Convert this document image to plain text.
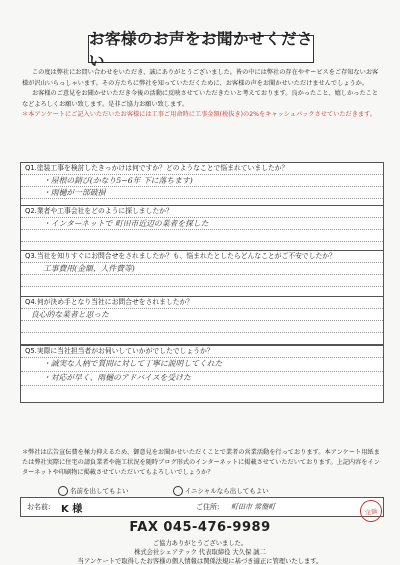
お客様のお声をお聞かせください

この度は弊社にお問い合わせをいただき、誠にありがとうございました。皆の中には弊社の存在やサービスをご存知ないお客様が沢山いらっしゃいます。その方たちに弊社を知っていただくために、お客様の声をお聞かせいただけませんでしょうか。

お客様のご意見をお聞かせいただき今後の活動に反映させていただきたいと考えております。良かったこと、嬉しかったことなどよろしくお願い致します。是非ご協力お願い致します。

＊本アンケートにご記入いただいたお客様には工事ご用命時に工事金額(税抜き)の2%をキャッシュバックさせていただきます。

Q1.塗装工事を検討したきっかけは何ですか？どのようなことで悩まれていましたか？
・屋根の錆び(かなり5~6年 下に落ちます)
・雨樋が一部破損
Q2.業者や工事会社をどのように探しましたか？
・インターネットで 町田市近辺の業者を探した
Q3.当社を知りすぐにお問合せをされましたか？も、悩まれたとしたらどんなことがご不安でしたか？
工事費用(金額、人件費等)
Q4.何が決め手となり当社にお問合せをされましたか？
良心的な業者と思った
Q5.実際に当社担当者がお伺いしていかがでしたでしょうか？
・誠実な人柄で質問に対して丁寧に説明してくれた
・対応が早く、雨樋のアドバイスを受けた

＊弊社は広告宣伝費を極力抑えるため、御意見をお聞かせいただくことで業者の営業活動を行っております。本アンケート用紙または弊社実際に住宅の請負業者や施工状況を随時ブログ形式のインターネットに掲載させていただいております。上記内容をインターネットや印刷物に掲載させていただいてもよろしいでしょうか？

名前を出してもよい	イニシャルなら出してもよい
お名前: K 様	ご住所: 町田市 常盤町
定価
FAX 045-476-9989
ご協力ありがとうございました。
株式会社シェアテック 代表取締役 大久保 誠二
当アンケートで取得したお客様の個人情報は関係法規に基づき適正に管理いたします。
